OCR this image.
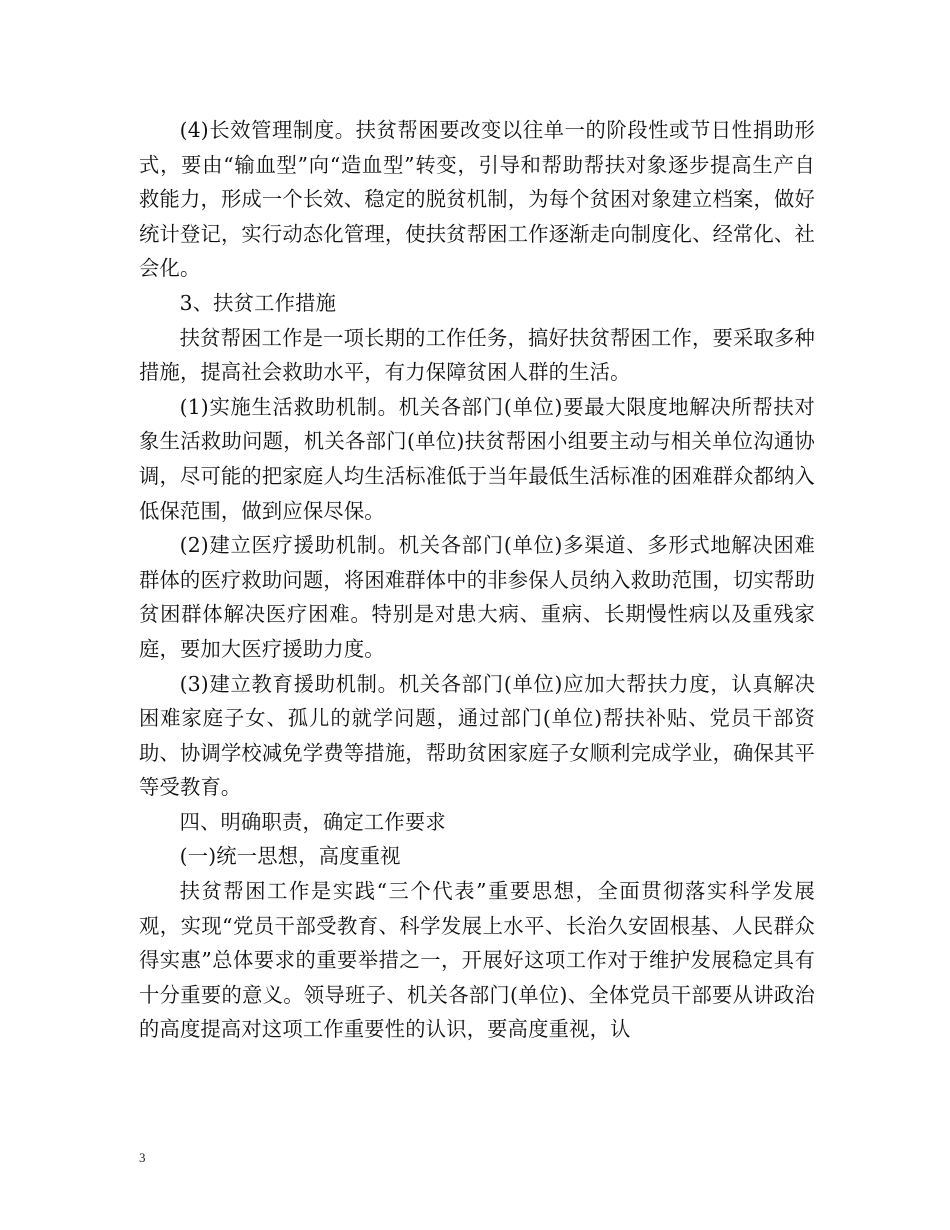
(4)长效管理制度。扶贫帮困要改变以往单一的阶段性或节日性捐助形式，要由“输血型”向“造血型”转变，引导和帮助帮扶对象逐步提高生产自救能力，形成一个长效、稳定的脱贫机制，为每个贫困对象建立档案，做好统计登记，实行动态化管理，使扶贫帮困工作逐渐走向制度化、经常化、社会化。

3、扶贫工作措施

扶贫帮困工作是一项长期的工作任务，搞好扶贫帮困工作，要采取多种措施，提高社会救助水平，有力保障贫困人群的生活。

(1)实施生活救助机制。机关各部门(单位)要最大限度地解决所帮扶对象生活救助问题，机关各部门(单位)扶贫帮困小组要主动与相关单位沟通协调，尽可能的把家庭人均生活标准低于当年最低生活标准的困难群众都纳入低保范围，做到应保尽保。

(2)建立医疗援助机制。机关各部门(单位)多渠道、多形式地解决困难群体的医疗救助问题，将困难群体中的非参保人员纳入救助范围，切实帮助贫困群体解决医疗困难。特别是对患大病、重病、长期慢性病以及重残家庭，要加大医疗援助力度。

(3)建立教育援助机制。机关各部门(单位)应加大帮扶力度，认真解决困难家庭子女、孤儿的就学问题，通过部门(单位)帮扶补贴、党员干部资助、协调学校减免学费等措施，帮助贫困家庭子女顺利完成学业，确保其平等受教育。

四、明确职责，确定工作要求

(一)统一思想，高度重视

扶贫帮困工作是实践“三个代表”重要思想，全面贯彻落实科学发展观，实现“党员干部受教育、科学发展上水平、长治久安固根基、人民群众得实惠”总体要求的重要举措之一，开展好这项工作对于维护发展稳定具有十分重要的意义。领导班子、机关各部门(单位)、全体党员干部要从讲政治的高度提高对这项工作重要性的认识，要高度重视，认

3
